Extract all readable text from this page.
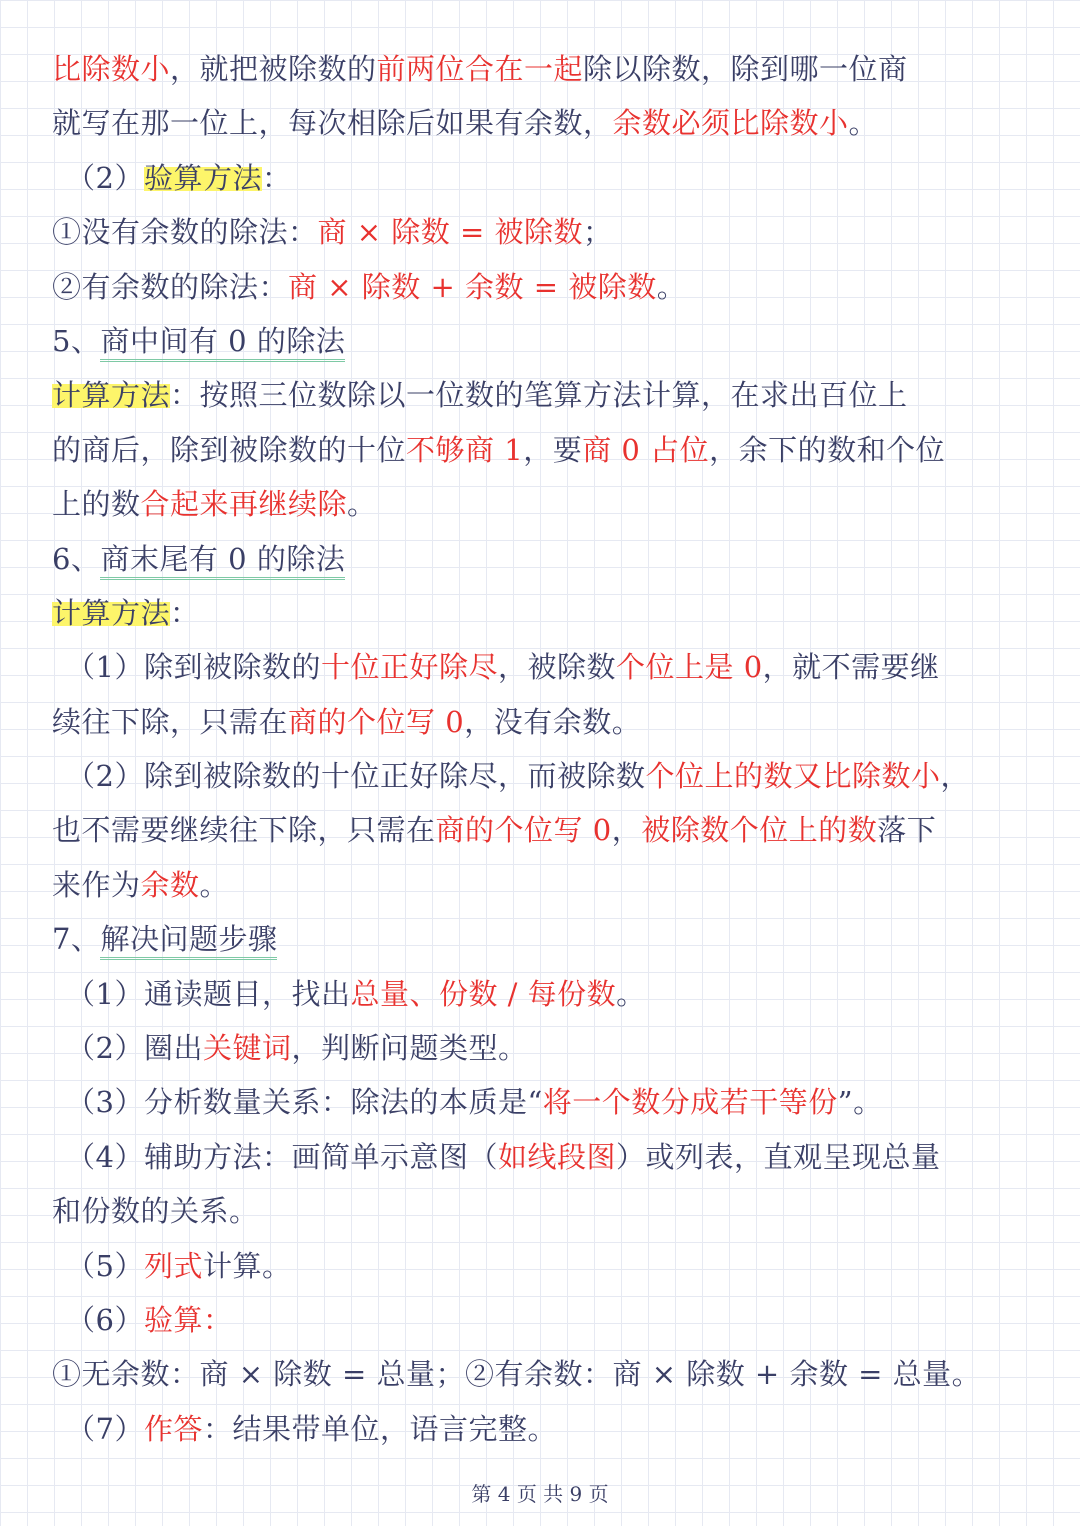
比除数小，就把被除数的前两位合在一起除以除数，除到哪一位商
就写在那一位上，每次相除后如果有余数，余数必须比除数小。
（2）验算方法：
①没有余数的除法：商 × 除数 = 被除数；
②有余数的除法：商 × 除数 + 余数 = 被除数。
5、商中间有 0 的除法
计算方法：按照三位数除以一位数的笔算方法计算，在求出百位上
的商后，除到被除数的十位不够商 1，要商 0 占位，余下的数和个位
上的数合起来再继续除。
6、商末尾有 0 的除法
计算方法：
（1）除到被除数的十位正好除尽，被除数个位上是 0，就不需要继
续往下除，只需在商的个位写 0，没有余数。
（2）除到被除数的十位正好除尽，而被除数个位上的数又比除数小，
也不需要继续往下除，只需在商的个位写 0，被除数个位上的数落下
来作为余数。
7、解决问题步骤
（1）通读题目，找出总量、份数 / 每份数。
（2）圈出关键词，判断问题类型。
（3）分析数量关系：除法的本质是“将一个数分成若干等份”。
（4）辅助方法：画简单示意图（如线段图）或列表，直观呈现总量
和份数的关系。
（5）列式计算。
（6）验算：
①无余数：商 × 除数 = 总量；②有余数：商 × 除数 + 余数 = 总量。
（7）作答：结果带单位，语言完整。
第 4 页 共 9 页
